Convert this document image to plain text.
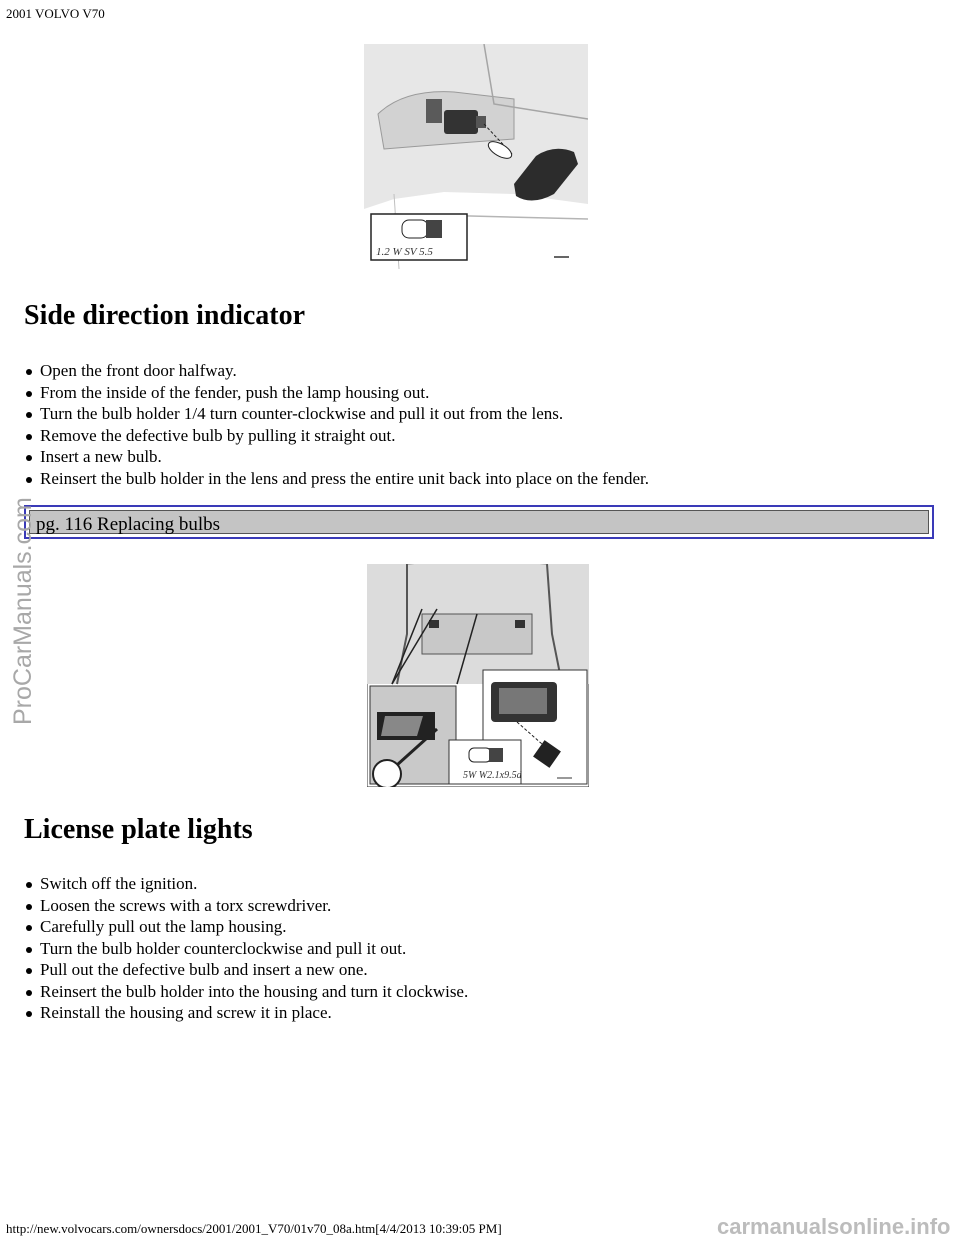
2001 VOLVO V70
1.2 W SV 5.5
Side direction indicator
Open the front door halfway.
From the inside of the fender, push the lamp housing out.
Turn the bulb holder 1/4 turn counter-clockwise and pull it out from the lens.
Remove the defective bulb by pulling it straight out.
Insert a new bulb.
Reinsert the bulb holder in the lens and press the entire unit back into place on the fender.
pg. 116 Replacing bulbs
5W W2.1x9.5d
License plate lights
Switch off the ignition.
Loosen the screws with a torx screwdriver.
Carefully pull out the lamp housing.
Turn the bulb holder counterclockwise and pull it out.
Pull out the defective bulb and insert a new one.
Reinsert the bulb holder into the housing and turn it clockwise.
Reinstall the housing and screw it in place.
http://new.volvocars.com/ownersdocs/2001/2001_V70/01v70_08a.htm[4/4/2013 10:39:05 PM]
ProCarManuals.com
carmanualsonline.info
